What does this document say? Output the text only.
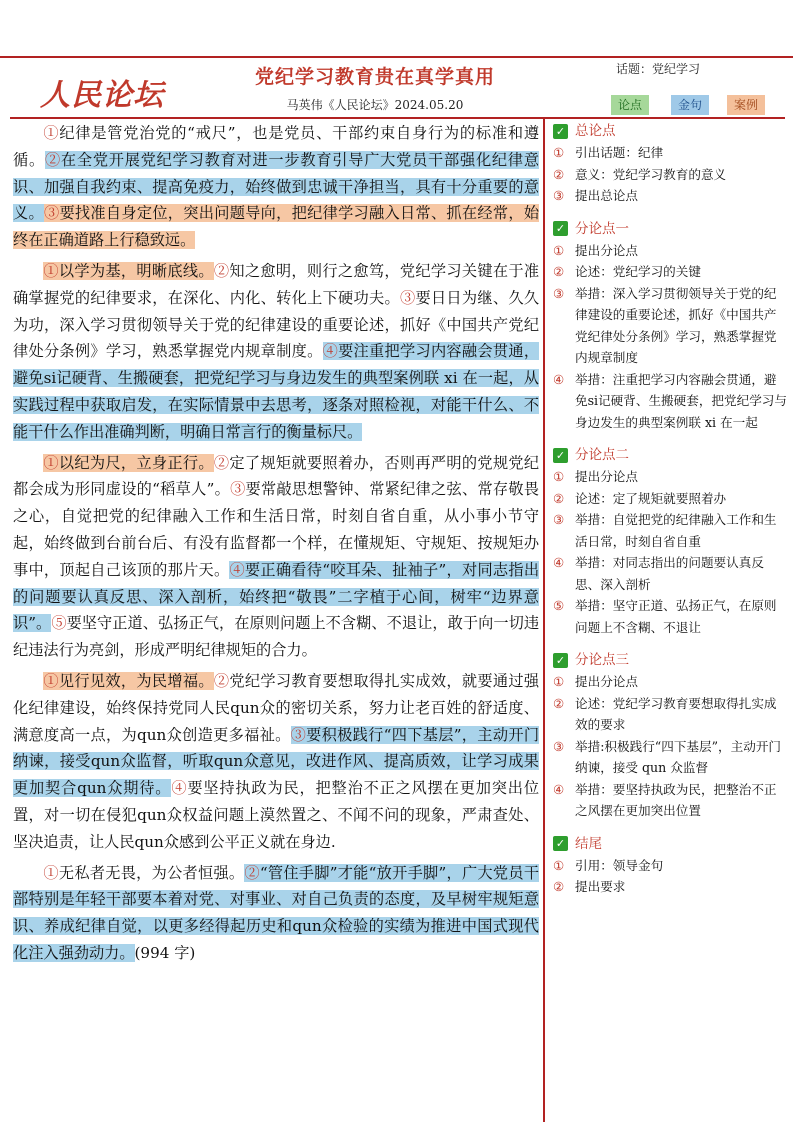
人民论坛
党纪学习教育贵在真学真用
马英伟《人民论坛》2024.05.20
话题：党纪学习
论点	金句	案例

①纪律是管党治党的“戒尺”，也是党员、干部约束自身行为的标准和遵循。②在全党开展党纪学习教育对进一步教育引导广大党员干部强化纪律意识、加强自我约束、提高免疫力，始终做到忠诚干净担当，具有十分重要的意义。③要找准自身定位，突出问题导向，把纪律学习融入日常、抓在经常，始终在正确道路上行稳致远。

①以学为基，明晰底线。②知之愈明，则行之愈笃，党纪学习关键在于准确掌握党的纪律要求，在深化、内化、转化上下硬功夫。③要日日为继、久久为功，深入学习贯彻领导关于党的纪律建设的重要论述，抓好《中国共产党纪律处分条例》学习，熟悉掌握党内规章制度。④要注重把学习内容融会贯通，避免si记硬背、生搬硬套，把党纪学习与身边发生的典型案例联 xi 在一起，从实践过程中获取启发，在实际情景中去思考，逐条对照检视，对能干什么、不能干什么作出准确判断，明确日常言行的衡量标尺。

①以纪为尺，立身正行。②定了规矩就要照着办，否则再严明的党规党纪都会成为形同虚设的“稻草人”。③要常敲思想警钟、常紧纪律之弦、常存敬畏之心，自觉把党的纪律融入工作和生活日常，时刻自省自重，从小事小节守起，始终做到台前台后、有没有监督都一个样，在懂规矩、守规矩、按规矩办事中，顶起自己该顶的那片天。④要正确看待“咬耳朵、扯袖子”，对同志指出的问题要认真反思、深入剖析，始终把“敬畏”二字植于心间，树牢“边界意识”。⑤要坚守正道、弘扬正气，在原则问题上不含糊、不退让，敢于向一切违纪违法行为亮剑，形成严明纪律规矩的合力。

①见行见效，为民增福。②党纪学习教育要想取得扎实成效，就要通过强化纪律建设，始终保持党同人民qun众的密切关系，努力让老百姓的舒适度、满意度高一点，为qun众创造更多福祉。③要积极践行“四下基层”，主动开门纳谏，接受qun众监督，听取qun众意见，改进作风、提高质效，让学习成果更加契合qun众期待。④要坚持执政为民，把整治不正之风摆在更加突出位置，对一切在侵犯qun众权益问题上漠然置之、不闻不问的现象，严肃查处、坚决追责，让人民qun众感到公平正义就在身边.

①无私者无畏，为公者恒强。②“管住手脚”才能“放开手脚”，广大党员干部特别是年轻干部要本着对党、对事业、对自己负责的态度，及早树牢规矩意识、养成纪律自觉，以更多经得起历史和qun众检验的实绩为推进中国式现代化注入强劲动力。(994 字)

✓ 总论点
① 引出话题：纪律
② 意义：党纪学习教育的意义
③ 提出总论点
✓ 分论点一
① 提出分论点
② 论述：党纪学习的关键
③ 举措：深入学习贯彻领导关于党的纪律建设的重要论述，抓好《中国共产党纪律处分条例》学习，熟悉掌握党内规章制度
④ 举措：注重把学习内容融会贯通，避免si记硬背、生搬硬套，把党纪学习与身边发生的典型案例联 xi 在一起
✓ 分论点二
① 提出分论点
② 论述：定了规矩就要照着办
③ 举措：自觉把党的纪律融入工作和生活日常，时刻自省自重
④ 举措：对同志指出的问题要认真反思、深入剖析
⑤ 举措：坚守正道、弘扬正气，在原则问题上不含糊、不退让
✓ 分论点三
① 提出分论点
② 论述：党纪学习教育要想取得扎实成效的要求
③ 举措:积极践行“四下基层”，主动开门纳谏，接受 qun 众监督
④ 举措：要坚持执政为民，把整治不正之风摆在更加突出位置
✓ 结尾
① 引用：领导金句
② 提出要求
